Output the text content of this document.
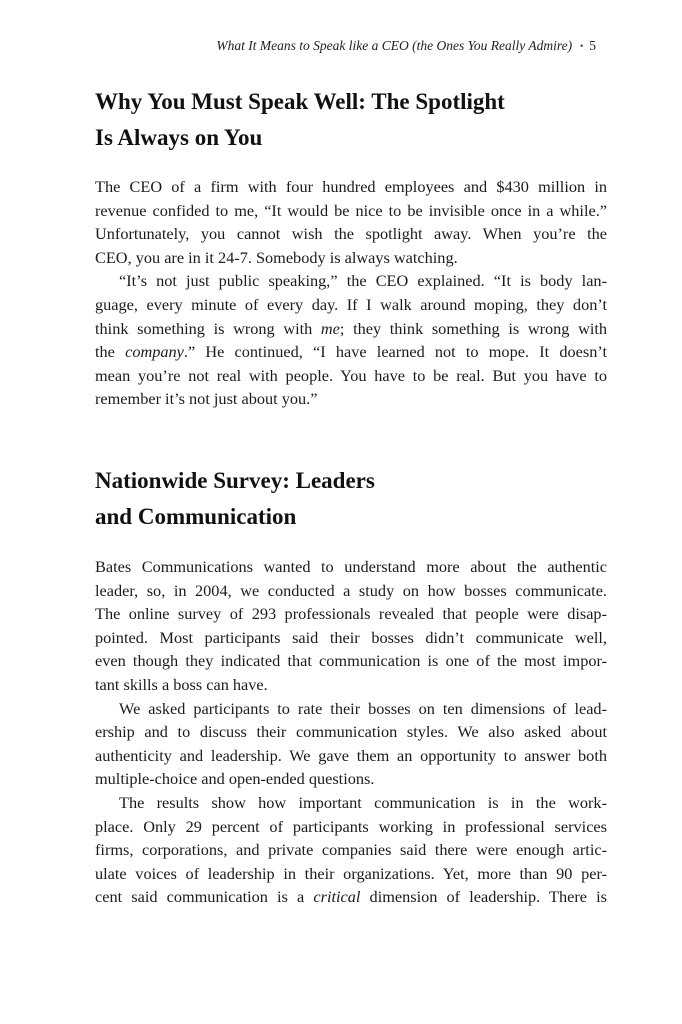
What It Means to Speak like a CEO (the Ones You Really Admire) • 5
Why You Must Speak Well: The Spotlight
Is Always on You
The CEO of a firm with four hundred employees and $430 million in
revenue confided to me, “It would be nice to be invisible once in a while.”
Unfortunately, you cannot wish the spotlight away. When you’re the
CEO, you are in it 24-7. Somebody is always watching.
“It’s not just public speaking,” the CEO explained. “It is body lan-
guage, every minute of every day. If I walk around moping, they don’t
think something is wrong with me; they think something is wrong with
the company.” He continued, “I have learned not to mope. It doesn’t
mean you’re not real with people. You have to be real. But you have to
remember it’s not just about you.”
Nationwide Survey: Leaders
and Communication
Bates Communications wanted to understand more about the authentic
leader, so, in 2004, we conducted a study on how bosses communicate.
The online survey of 293 professionals revealed that people were disap-
pointed. Most participants said their bosses didn’t communicate well,
even though they indicated that communication is one of the most impor-
tant skills a boss can have.
We asked participants to rate their bosses on ten dimensions of lead-
ership and to discuss their communication styles. We also asked about
authenticity and leadership. We gave them an opportunity to answer both
multiple-choice and open-ended questions.
The results show how important communication is in the work-
place. Only 29 percent of participants working in professional services
firms, corporations, and private companies said there were enough artic-
ulate voices of leadership in their organizations. Yet, more than 90 per-
cent said communication is a critical dimension of leadership. There is
